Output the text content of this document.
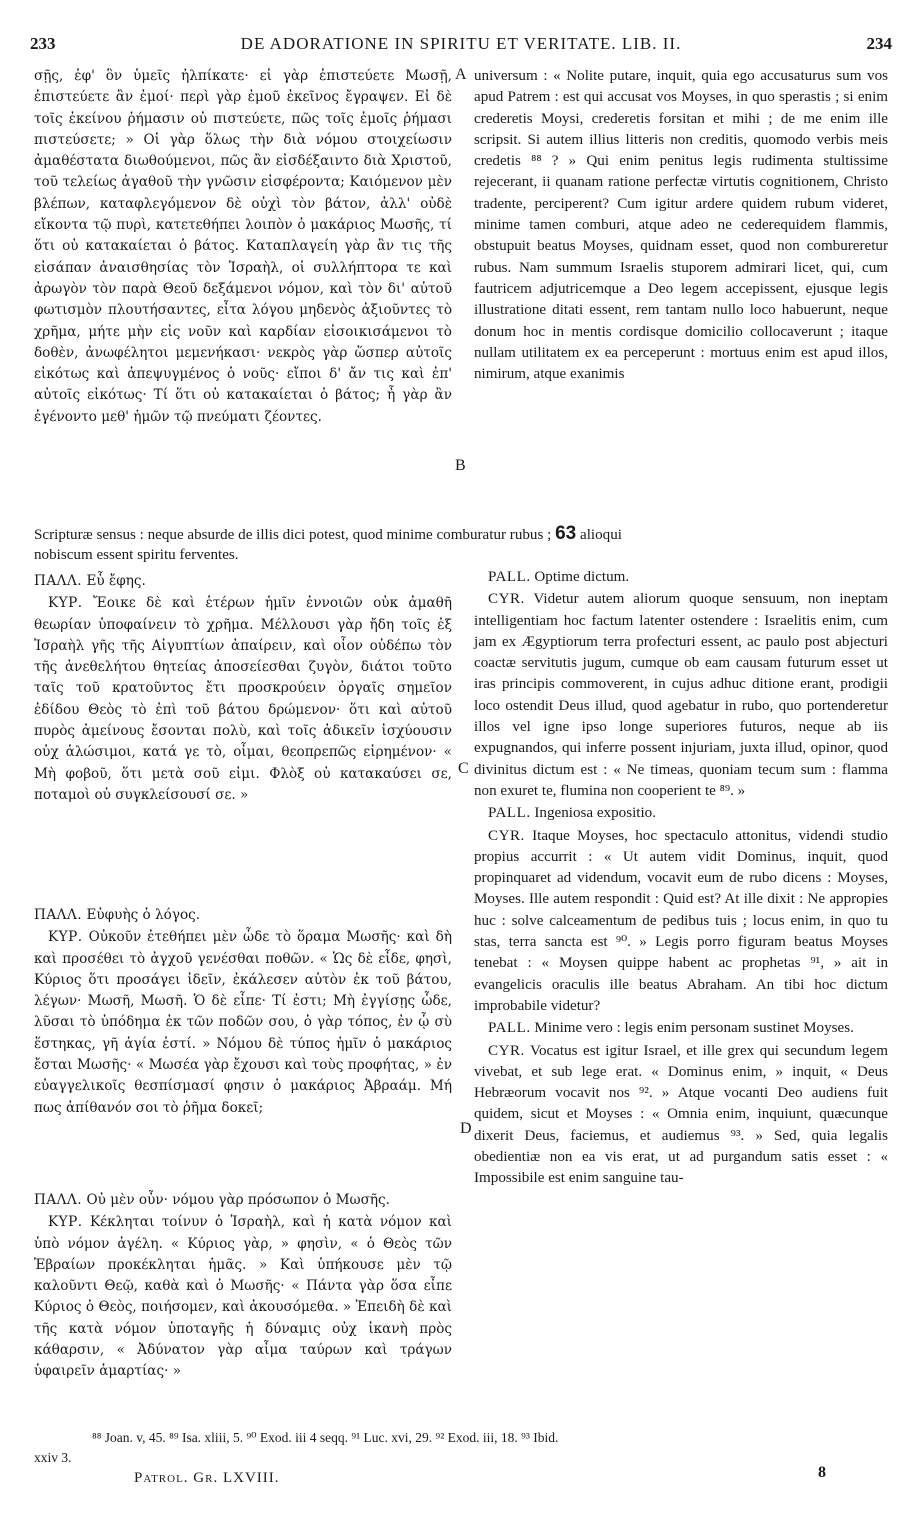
233	DE ADORATIONE IN SPIRITU ET VERITATE. LIB. II.	234

σῇς, ἐφ' ὃν ὑμεῖς ἠλπίκατε· εἰ γὰρ ἐπιστεύετε Μωσῇ, ἐπιστεύετε ἂν ἐμοί· περὶ γὰρ ἐμοῦ ἐκεῖνος ἔγραψεν. Εἰ δὲ τοῖς ἐκείνου ῥήμασιν οὐ πιστεύετε, πῶς τοῖς ἐμοῖς ῥήμασι πιστεύσετε; » Οἱ γὰρ ὅλως τὴν διὰ νόμου στοιχείωσιν ἀμαθέστατα διωθούμενοι, πῶς ἂν εἰσδέξαιντο διὰ Χριστοῦ, τοῦ τελείως ἀγαθοῦ τὴν γνῶσιν εἰσφέροντα; Καιόμενον μὲν βλέπων, καταφλεγόμενον δὲ οὐχὶ τὸν βάτον, ἀλλ' οὐδὲ εἴκοντα τῷ πυρὶ, κατετεθήπει λοιπὸν ὁ μακάριος Μωσῆς, τί ὅτι οὐ κατακαίεται ὁ βάτος. Καταπλαγείη γὰρ ἂν τις τῆς εἰσάπαν ἀναισθησίας τὸν Ἰσραὴλ, οἱ συλλήπτορα τε καὶ ἀρωγὸν τὸν παρὰ Θεοῦ δεξάμενοι νόμον, καὶ τὸν δι' αὐτοῦ φωτισμὸν πλουτήσαντες, εἶτα λόγου μηδενὸς ἀξιοῦντες τὸ χρῆμα, μήτε μὴν εἰς νοῦν καὶ καρδίαν εἰσοικισάμενοι τὸ δοθὲν, ἀνωφέλητοι μεμενήκασι· νεκρὸς γὰρ ὥσπερ αὐτοῖς εἰκότως καὶ ἀπεψυγμένος ὁ νοῦς· εἴποι δ' ἄν τις καὶ ἐπ' αὐτοῖς εἰκότως· Τί ὅτι οὐ κατακαίεται ὁ βάτος; ἦ γὰρ ἂν ἐγένοντο μεθ' ἡμῶν τῷ πνεύματι ζέοντες.

universum : « Nolite putare, inquit, quia ego accusaturus sum vos apud Patrem : est qui accusat vos Moyses, in quo sperastis ; si enim crederetis Moysi, crederetis forsitan et mihi ; de me enim ille scripsit. Si autem illius litteris non creditis, quomodo verbis meis credetis ⁸⁸ ? » Qui enim penitus legis rudimenta stultissime rejecerant, ii quanam ratione perfectæ virtutis cognitionem, Christo tradente, perciperent? Cum igitur ardere quidem rubum videret, minime tamen comburi, atque adeo ne cederequidem flammis, obstupuit beatus Moyses, quidnam esset, quod non combureretur rubus. Nam summum Israelis stuporem admirari licet, qui, cum fautricem adjutricemque a Deo legem accepissent, ejusque legis illustratione ditati essent, rem tantam nullo loco habuerunt, neque donum hoc in mentis cordisque domicilio collocaverunt ; itaque nullam utilitatem ex ea perceperunt : mortuus enim est apud illos, nimirum, atque exanimis

A
B
C
D
Scripturæ sensus : neque absurde de illis dici potest, quod minime comburatur rubus ; 63 alioqui
nobiscum essent spiritu ferventes.

ΠΑΛΛ. Εὖ ἔφης.

ΚΥΡ. Ἔοικε δὲ καὶ ἑτέρων ἡμῖν ἐννοιῶν οὐκ ἀμαθῆ θεωρίαν ὑποφαίνειν τὸ χρῆμα. Μέλλουσι γὰρ ἤδη τοῖς ἐξ Ἰσραὴλ γῆς τῆς Αἰγυπτίων ἀπαίρειν, καὶ οἷον οὐδέπω τὸν τῆς ἀνεθελήτου θητείας ἀποσείεσθαι ζυγὸν, διάτοι τοῦτο ταῖς τοῦ κρατοῦντος ἔτι προσκρούειν ὀργαῖς σημεῖον ἐδίδου Θεὸς τὸ ἐπὶ τοῦ βάτου δρώμενον· ὅτι καὶ αὐτοῦ πυρὸς ἀμείνους ἔσονται πολὺ, καὶ τοῖς ἀδικεῖν ἰσχύουσιν οὐχ ἁλώσιμοι, κατά γε τὸ, οἶμαι, θεοπρεπῶς εἰρημένον· « Μὴ φοβοῦ, ὅτι μετὰ σοῦ εἰμι. Φλὸξ οὐ κατακαύσει σε, ποταμοὶ οὐ συγκλείσουσί σε. »

ΠΑΛΛ. Εὐφυὴς ὁ λόγος.

ΚΥΡ. Οὐκοῦν ἐτεθήπει μὲν ὧδε τὸ ὅραμα Μωσῆς· καὶ δὴ καὶ προσέθει τὸ ἀγχοῦ γενέσθαι ποθῶν. « Ὡς δὲ εἶδε, φησὶ, Κύριος ὅτι προσάγει ἰδεῖν, ἐκάλεσεν αὐτὸν ἐκ τοῦ βάτου, λέγων· Μωσῆ, Μωσῆ. Ὁ δὲ εἶπε· Τί ἐστι; Μὴ ἐγγίσῃς ὧδε, λῦσαι τὸ ὑπόδημα ἐκ τῶν ποδῶν σου, ὁ γὰρ τόπος, ἐν ᾧ σὺ ἕστηκας, γῆ ἁγία ἐστί. » Νόμου δὲ τύπος ἡμῖν ὁ μακάριος ἔσται Μωσῆς· « Μωσέα γὰρ ἔχουσι καὶ τοὺς προφήτας, » ἐν εὐαγγελικοῖς θεσπίσμασί φησιν ὁ μακάριος Ἀβραάμ. Μή πως ἀπίθανόν σοι τὸ ῥῆμα δοκεῖ;

ΠΑΛΛ. Οὐ μὲν οὖν· νόμου γὰρ πρόσωπον ὁ Μωσῆς.

ΚΥΡ. Κέκληται τοίνυν ὁ Ἰσραὴλ, καὶ ἡ κατὰ νόμον καὶ ὑπὸ νόμον ἀγέλη. « Κύριος γὰρ, » φησὶν, « ὁ Θεὸς τῶν Ἑβραίων προκέκληται ἡμᾶς. » Καὶ ὑπήκουσε μὲν τῷ καλοῦντι Θεῷ, καθὰ καὶ ὁ Μωσῆς· « Πάντα γὰρ ὅσα εἶπε Κύριος ὁ Θεὸς, ποιήσομεν, καὶ ἀκουσόμεθα. » Ἐπειδὴ δὲ καὶ τῆς κατὰ νόμον ὑποταγῆς ἡ δύναμις οὐχ ἱκανὴ πρὸς κάθαρσιν, « Ἀδύνατον γὰρ αἷμα ταύρων καὶ τράγων ὑφαιρεῖν ἁμαρτίας· »

PALL. Optime dictum.

CYR. Videtur autem aliorum quoque sensuum, non ineptam intelligentiam hoc factum latenter ostendere : Israelitis enim, cum jam ex Ægyptiorum terra profecturi essent, ac paulo post abjecturi coactæ servitutis jugum, cumque ob eam causam futurum esset ut iras principis commoverent, in cujus adhuc ditione erant, prodigii loco ostendit Deus illud, quod agebatur in rubo, quo portenderetur illos vel igne ipso longe superiores futuros, neque ab iis expugnandos, qui inferre possent injuriam, juxta illud, opinor, quod divinitus dictum est : « Ne timeas, quoniam tecum sum : flamma non exuret te, flumina non cooperient te ⁸⁹. »

PALL. Ingeniosa expositio.

CYR. Itaque Moyses, hoc spectaculo attonitus, videndi studio propius accurrit : « Ut autem vidit Dominus, inquit, quod propinquaret ad videndum, vocavit eum de rubo dicens : Moyses, Moyses. Ille autem respondit : Quid est? At ille dixit : Ne appropies huc : solve calceamentum de pedibus tuis ; locus enim, in quo tu stas, terra sancta est ⁹⁰. » Legis porro figuram beatus Moyses tenebat : « Moysen quippe habent ac prophetas ⁹¹, » ait in evangelicis oraculis ille beatus Abraham. An tibi hoc dictum improbabile videtur?

PALL. Minime vero : legis enim personam sustinet Moyses.

CYR. Vocatus est igitur Israel, et ille grex qui secundum legem vivebat, et sub lege erat. « Dominus enim, » inquit, « Deus Hebræorum vocavit nos ⁹². » Atque vocanti Deo audiens fuit quidem, sicut et Moyses : « Omnia enim, inquiunt, quæcunque dixerit Deus, faciemus, et audiemus ⁹³. » Sed, quia legalis obedientiæ non ea vis erat, ut ad purgandum satis esset : « Impossibile est enim sanguine tau-

⁸⁸ Joan. v, 45. ⁸⁹ Isa. xliii, 5. ⁹⁰ Exod. iii 4 seqq. ⁹¹ Luc. xvi, 29. ⁹² Exod. iii, 18. ⁹³ Ibid.
xxiv 3.
Patrol. Gr. LXVIII.	8
